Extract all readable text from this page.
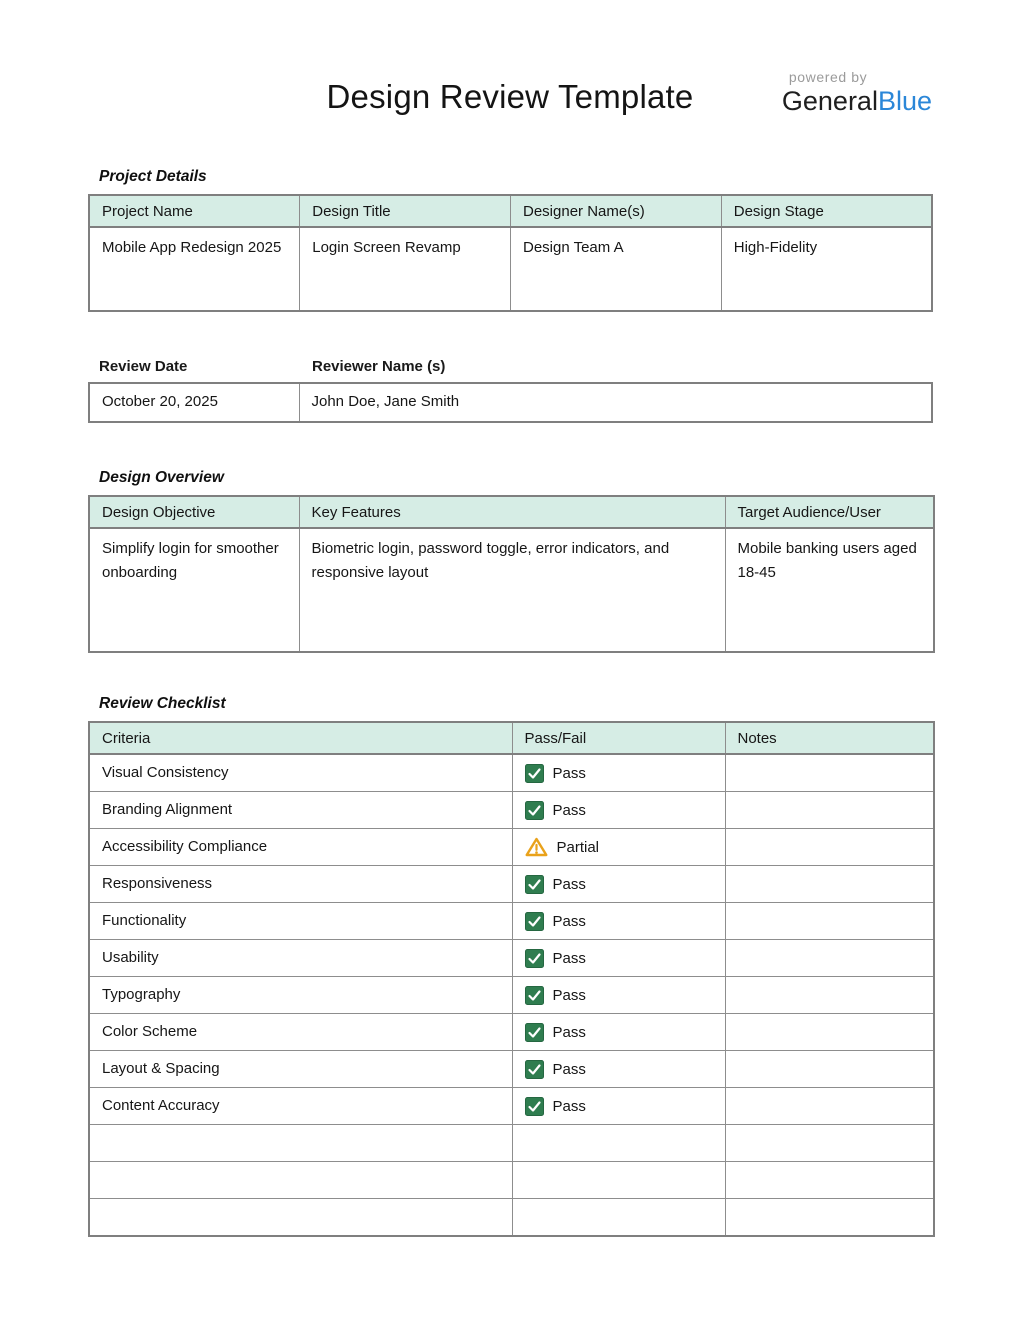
Design Review Template
powered by
GeneralBlue
Project Details
Project Name	Design Title	Designer Name(s)	Design Stage
Mobile App Redesign 2025	Login Screen Revamp	Design Team A	High-Fidelity
Review Date	Reviewer Name (s)
October 20, 2025	John Doe, Jane Smith
Design Overview
Design Objective	Key Features	Target Audience/User
Simplify login for smoother onboarding	Biometric login, password toggle, error indicators, and responsive layout	Mobile banking users aged 18-45
Review Checklist
Criteria	Pass/Fail	Notes
Visual Consistency	Pass	

Branding Alignment	Pass	

Accessibility Compliance	Partial	

Responsiveness	Pass	

Functionality	Pass	

Usability	Pass	

Typography	Pass	

Color Scheme	Pass	

Layout & Spacing	Pass	

Content Accuracy	Pass	
